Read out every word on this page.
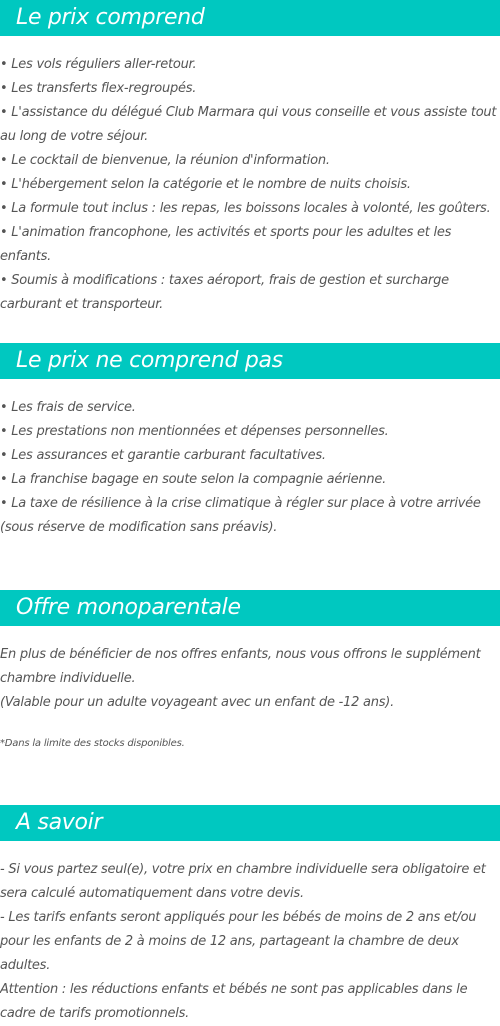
Le prix comprend

• Les vols réguliers aller-retour.

• Les transferts flex-regroupés.

• L'assistance du délégué Club Marmara qui vous conseille et vous assiste tout au long de votre séjour.

• Le cocktail de bienvenue, la réunion d'information.

• L'hébergement selon la catégorie et le nombre de nuits choisis.

• La formule tout inclus : les repas, les boissons locales à volonté, les goûters.

• L'animation francophone, les activités et sports pour les adultes et les enfants.

• Soumis à modifications : taxes aéroport, frais de gestion et surcharge carburant et transporteur.

Le prix ne comprend pas

• Les frais de service.

• Les prestations non mentionnées et dépenses personnelles.

• Les assurances et garantie carburant facultatives.

• La franchise bagage en soute selon la compagnie aérienne.

• La taxe de résilience à la crise climatique à régler sur place à votre arrivée (sous réserve de modification sans préavis).

Offre monoparentale

En plus de bénéficier de nos offres enfants, nous vous offrons le supplément chambre individuelle.

(Valable pour un adulte voyageant avec un enfant de -12 ans).

*Dans la limite des stocks disponibles.
A savoir

- Si vous partez seul(e), votre prix en chambre individuelle sera obligatoire et sera calculé automatiquement dans votre devis.

- Les tarifs enfants seront appliqués pour les bébés de moins de 2 ans et/ou pour les enfants de 2 à moins de 12 ans, partageant la chambre de deux adultes.

Attention : les réductions enfants et bébés ne sont pas applicables dans le cadre de tarifs promotionnels.
